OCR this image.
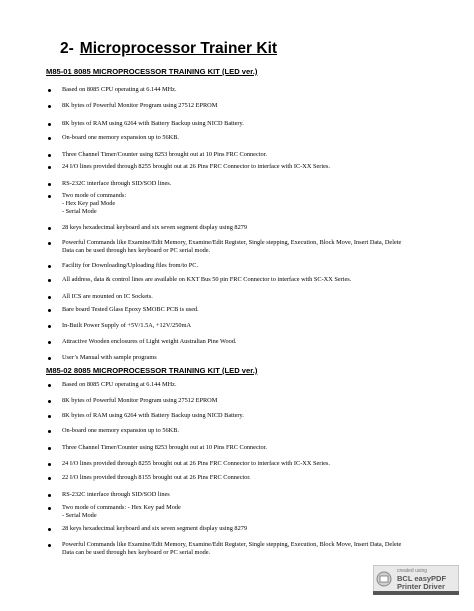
2- Microprocessor Trainer Kit
M85-01 8085 MICROPROCESSOR TRAINING KIT (LED ver.)
M85-02 8085 MICROPROCESSOR TRAINING KIT (LED ver.)
Based on 8085 CPU operating at 6.144 MHz.
8K bytes of Powerful Monitor Program using 27512 EPROM
8K bytes of RAM using 6264 with Battery Backup using NICD Battery.
On-board one memory expansion up to 56KB.
Three Channel Timer/Counter using 8253 brought out at 10 Pins FRC Connector.
24 I/O lines provided through 8255 brought out at 26 Pins FRC Connector to interface with IC-XX Series.
RS-232C interface through SID/SOD lines.
Two mode of commands:
- Hex Key pad Mode
- Serial Mode
28 keys hexadecimal keyboard and six seven segment display using 8279
Powerful Commands like Examine/Edit Memory, Examine/Edit Register, Single stepping, Execution, Block Move, Insert Data, Delete
Data can be used through hex keyboard or PC serial mode.
Facility for Downloading/Uploading files from/to PC.
All address, data & control lines are available on KXT Bus 50 pin FRC Connector to interface with SC-XX Series.
All ICS are mounted on IC Sockets.
Bare board Tested Glass Epoxy SMOBC PCB is used.
In-Built Power Supply of +5V/1.5A, +12V/250mA
Attractive Wooden enclosures of Light weight Australian Pine Wood.
User’s Manual with sample programs
Based on 8085 CPU operating at 6.144 MHz.
8K bytes of Powerful Monitor Program using 27512 EPROM
8K bytes of RAM using 6264 with Battery Backup using NICD Battery.
On-board one memory expansion up to 56KB.
Three Channel Timer/Counter using 8253 brought out at 10 Pins FRC Connector.
24 I/O lines provided through 8255 brought out at 26 Pins FRC Connector to interface with IC-XX Series.
22 I/O lines provided through 8155 brought out at 26 Pins FRC Connector.
RS-232C interface through SID/SOD lines
Two mode of commands: - Hex Key pad Mode
- Serial Mode
28 keys hexadecimal keyboard and six seven segment display using 8279
Powerful Commands like Examine/Edit Memory, Examine/Edit Register, Single stepping, Execution, Block Move, Insert Data, Delete
Data can be used through hex keyboard or PC serial mode.
created using
BCL easyPDF
Printer Driver
